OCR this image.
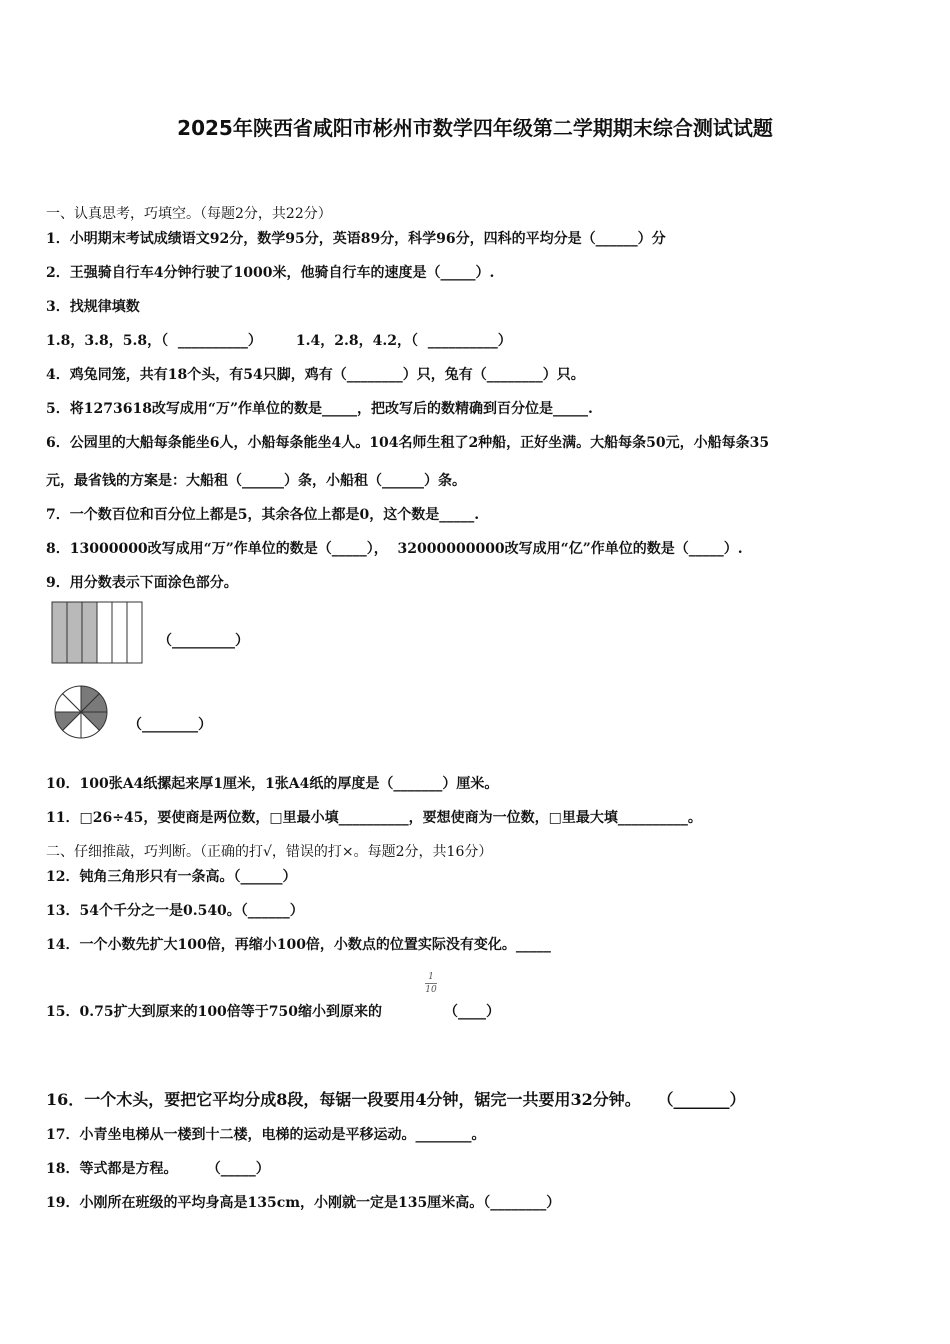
2025年陕西省咸阳市彬州市数学四年级第二学期期末综合测试试题
一、认真思考，巧填空。（每题2分，共22分）
1．小明期末考试成绩语文92分，数学95分，英语89分，科学96分，四科的平均分是（______）分
2．王强骑自行车4分钟行驶了1000米，他骑自行车的速度是（_____）.
3．找规律填数
1.8，3.8，5.8，（  __________）       1.4，2.8，4.2，（  __________）
4．鸡兔同笼，共有18个头，有54只脚，鸡有（________）只，兔有（________）只。
5．将1273618改写成用“万”作单位的数是_____，把改写后的数精确到百分位是_____.
6．公园里的大船每条能坐6人，小船每条能坐4人。104名师生租了2种船，正好坐满。大船每条50元，小船每条35
元，最省钱的方案是：大船租（______）条，小船租（______）条。
7．一个数百位和百分位上都是5，其余各位上都是0，这个数是_____.
8．13000000改写成用“万”作单位的数是（_____），  32000000000改写成用“亿”作单位的数是（_____）.
9．用分数表示下面涂色部分。
（_________）
（________）
10．100张A4纸摞起来厚1厘米，1张A4纸的厚度是（_______）厘米。
11．□26÷45，要使商是两位数，□里最小填__________，要想使商为一位数，□里最大填__________。
二、仔细推敲，巧判断。（正确的打√，错误的打×。每题2分，共16分）
12．钝角三角形只有一条高。（______）
13．54个千分之一是0.540。（______）
14．一个小数先扩大100倍，再缩小100倍，小数点的位置实际没有变化。_____
15．0.75扩大到原来的100倍等于750缩小到原来的
1
10
（____）
16．一个木头，要把它平均分成8段，每锯一段要用4分钟，锯完一共要用32分钟。   （_______）
17．小青坐电梯从一楼到十二楼，电梯的运动是平移运动。________。
18．等式都是方程。      （_____）
19．小刚所在班级的平均身高是135cm，小刚就一定是135厘米高。（________）
